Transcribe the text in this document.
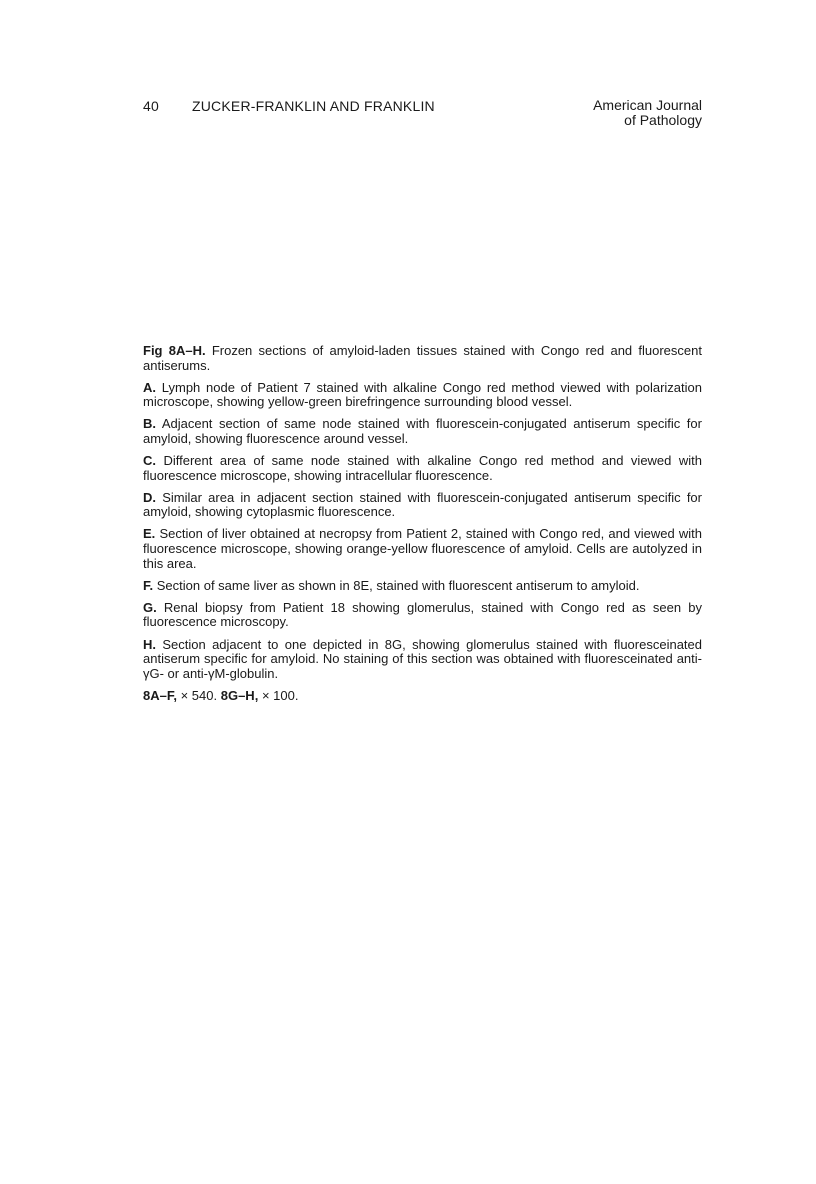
40 ZUCKER-FRANKLIN AND FRANKLIN	American Journal
of Pathology

Fig 8A–H. Frozen sections of amyloid-laden tissues stained with Congo red and fluorescent antiserums.

A. Lymph node of Patient 7 stained with alkaline Congo red method viewed with polarization microscope, showing yellow-green birefringence surrounding blood vessel.

B. Adjacent section of same node stained with fluorescein-conjugated antiserum specific for amyloid, showing fluorescence around vessel.

C. Different area of same node stained with alkaline Congo red method and viewed with fluorescence microscope, showing intracellular fluorescence.

D. Similar area in adjacent section stained with fluorescein-conjugated antiserum specific for amyloid, showing cytoplasmic fluorescence.

E. Section of liver obtained at necropsy from Patient 2, stained with Congo red, and viewed with fluorescence microscope, showing orange-yellow fluorescence of amyloid. Cells are autolyzed in this area.

F. Section of same liver as shown in 8E, stained with fluorescent antiserum to amyloid.

G. Renal biopsy from Patient 18 showing glomerulus, stained with Congo red as seen by fluorescence microscopy.

H. Section adjacent to one depicted in 8G, showing glomerulus stained with fluoresceinated antiserum specific for amyloid. No staining of this section was obtained with fluoresceinated anti-γG- or anti-γM-globulin.

8A–F, × 540. 8G–H, × 100.
